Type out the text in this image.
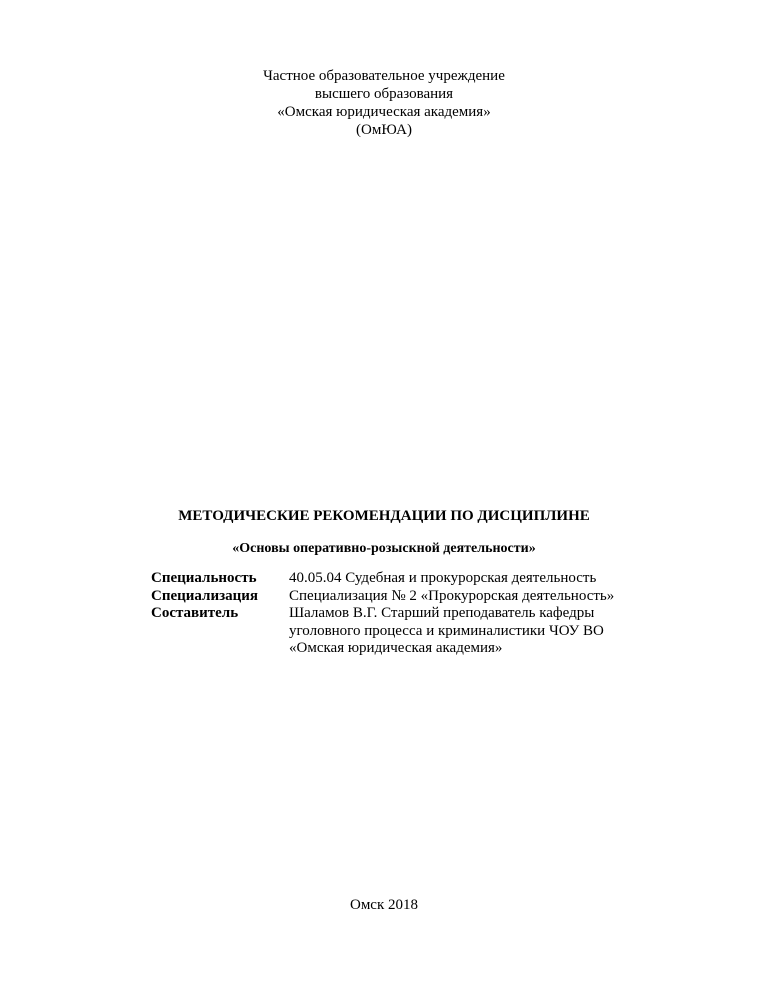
Частное образовательное учреждение
высшего образования
«Омская юридическая академия»
(ОмЮА)
МЕТОДИЧЕСКИЕ РЕКОМЕНДАЦИИ ПО ДИСЦИПЛИНЕ
«Основы оперативно-розыскной деятельности»
Специальность	40.05.04 Судебная и прокурорская деятельность
Специализация	Специализация № 2 «Прокурорская деятельность»
Составитель	Шаламов В.Г. Старший преподаватель кафедры
уголовного процесса и криминалистики ЧОУ ВО
«Омская юридическая академия»
Омск 2018
